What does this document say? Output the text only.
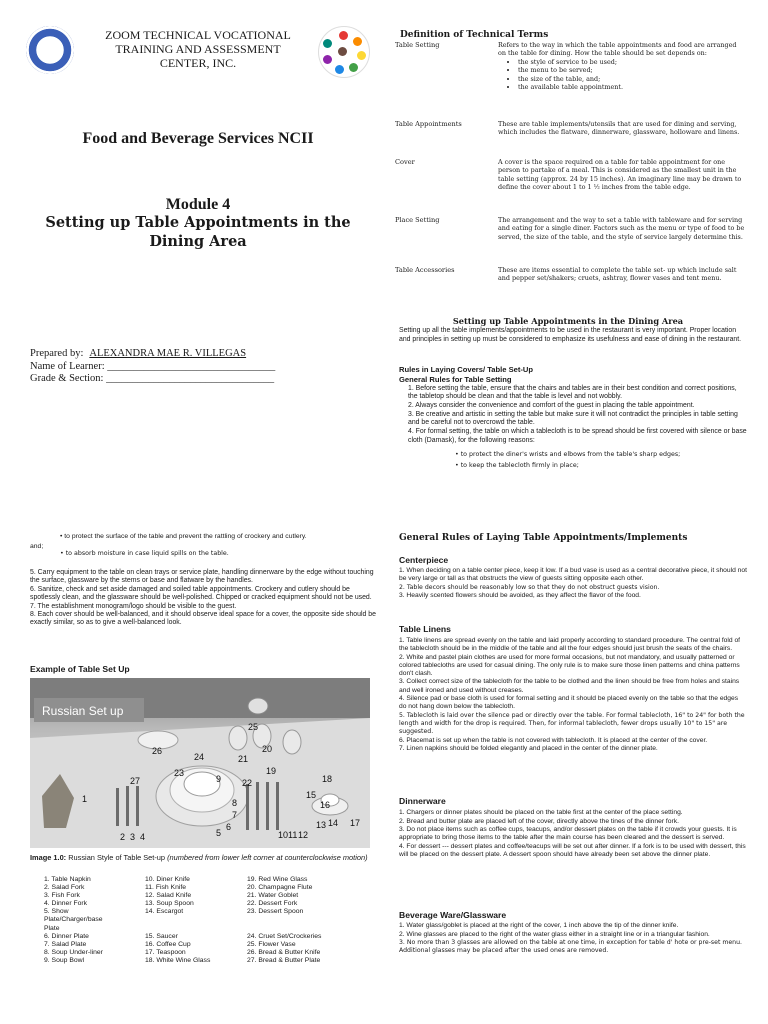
ZOOM TECHNICAL VOCATIONAL
TRAINING AND ASSESSMENT
CENTER, INC.
Food and Beverage Services NCII
Module 4
Setting up Table Appointments in the
Dining Area
Prepared by: ALEXANDRA MAE R. VILLEGAS
Name of Learner: ________________________________
Grade & Section: ________________________________
Definition of Technical Terms
Table Setting	Refers to the way in which the table appointments and food are arranged on the table for dining. How the table should be set depends on:
• the style of service to be used;
• the menu to be served;
• the size of the table, and;
• the available table appointment.
Table Appointments	These are table implements/utensils that are used for dining and serving, which includes the flatware, dinnerware, glassware, holloware and linens.
Cover	A cover is the space required on a table for table appointment for one person to partake of a meal. This is considered as the smallest unit in the table setting (approx. 24 by 15 inches). An imaginary line may be drawn to define the cover about 1 to 1 ½ inches from the table edge.
Place Setting	The arrangement and the way to set a table with tableware and for serving and eating for a single diner. Factors such as the menu or type of food to be served, the size of the table, and the style of service largely determine this.
Table Accessories	These are items essential to complete the table set- up which include salt and pepper set/shakers; cruets, ashtray, flower vases and tent menu.
Setting up Table Appointments in the Dining Area
Setting up all the table implements/appointments to be used in the restaurant is very important. Proper location and principles in setting up must be considered to emphasize its usefulness and ease of dining in the restaurant.
Rules in Laying Covers/ Table Set-Up
General Rules for Table Setting
1. Before setting the table, ensure that the chairs and tables are in their best condition and correct positions, the tabletop should be clean and that the table is level and not wobbly.
2. Always consider the convenience and comfort of the guest in placing the table appointment.
3. Be creative and artistic in setting the table but make sure it will not contradict the principles in table setting and be careful not to overcrowd the table.
4. For formal setting, the table on which a tablecloth is to be spread should be first covered with silence or base cloth (Damask), for the following reasons:
• to protect the diner's wrists and elbows from the table's sharp edges;
• to keep the tablecloth firmly in place;
• to protect the surface of the table and prevent the rattling of crockery and cutlery.
and;
• to absorb moisture in case liquid spills on the table.
5. Carry equipment to the table on clean trays or service plate, handling dinnerware by the edge without touching the surface, glassware by the stems or base and flatware by the handles.
6. Sanitize, check and set aside damaged and soiled table appointments. Crockery and cutlery should be spotlessly clean, and the glassware should be well-polished. Chipped or cracked equipment should not be used.
7. The establishment monogram/logo should be visible to the guest.
8. Each cover should be well-balanced, and it should observe ideal space for a cover, the opposite side should be exactly similar, so as to give a well-balanced look.
Example of Table Set Up
Russian Set up
1
2 3 4	5
6
7
8
9
10 11 12
13 14
15
16
17
18
19
20
21
22
23
24
25
26
27
Image 1.0: Russian Style of Table Set-up (numbered from lower left corner at counterclockwise motion)
1. Table Napkin
2. Salad Fork
3. Fish Fork
4. Dinner Fork
5. Show
Plate/Charger/base
Plate
6. Dinner Plate
7. Salad Plate
8. Soup Under-liner
9. Soup Bowl
10. Diner Knife
11. Fish Knife
12. Salad Knife
13. Soup Spoon
14. Escargot

15. Saucer
16. Coffee Cup
17. Teaspoon
18. White Wine Glass
19. Red Wine Glass
20. Champagne Flute
21. Water Goblet
22. Dessert Fork
23. Dessert Spoon

24. Cruet Set/Crockeries
25. Flower Vase
26. Bread & Butter Knife
27. Bread & Butter Plate
General Rules of Laying Table Appointments/Implements
Centerpiece
1. When deciding on a table center piece, keep it low. If a bud vase is used as a central decorative piece, it should not be very large or tall as that obstructs the view of guests sitting opposite each other.
2. Table decors should be reasonably low so that they do not obstruct guests vision.
3. Heavily scented flowers should be avoided, as they affect the flavor of the food.
Table Linens
1. Table linens are spread evenly on the table and laid properly according to standard procedure. The central fold of the tablecloth should be in the middle of the table and all the four edges should just brush the seats of the chairs.
2. White and pastel plain clothes are used for more formal occasions, but not mandatory, and usually patterned or colored tablecloths are used for casual dining. The only rule is to make sure those linen patterns and china patterns don't clash.
3. Collect correct size of the tablecloth for the table to be clothed and the linen should be free from holes and stains and well ironed and used without creases.
4. Silence pad or base cloth is used for formal setting and it should be placed evenly on the table so that the edges do not hang down below the tablecloth.
5. Tablecloth is laid over the silence pad or directly over the table. For formal tablecloth, 16" to 24" for both the length and width for the drop is required. Then, for informal tablecloth, fewer drops usually 10" to 15" are suggested.
6. Placemat is set up when the table is not covered with tablecloth. It is placed at the center of the cover.
7. Linen napkins should be folded elegantly and placed in the center of the dinner plate.
Dinnerware
1. Chargers or dinner plates should be placed on the table first at the center of the place setting.
2. Bread and butter plate are placed left of the cover, directly above the tines of the dinner fork.
3. Do not place items such as coffee cups, teacups, and/or dessert plates on the table if it crowds your guests. It is appropriate to bring those items to the table after the main course has been cleared and the dessert is served.
4. For dessert --- dessert plates and coffee/teacups will be set out after dinner. If a fork is to be used with dessert, this will be placed on the dessert plate. A dessert spoon should have already been set above the dinner plate.
Beverage Ware/Glassware
1. Water glass/goblet is placed at the right of the cover, 1 inch above the tip of the dinner knife.
2. Wine glasses are placed to the right of the water glass either in a straight line or in a triangular fashion.
3. No more than 3 glasses are allowed on the table at one time, in exception for table d' hote or pre-set menu. Additional glasses may be placed after the used ones are removed.
